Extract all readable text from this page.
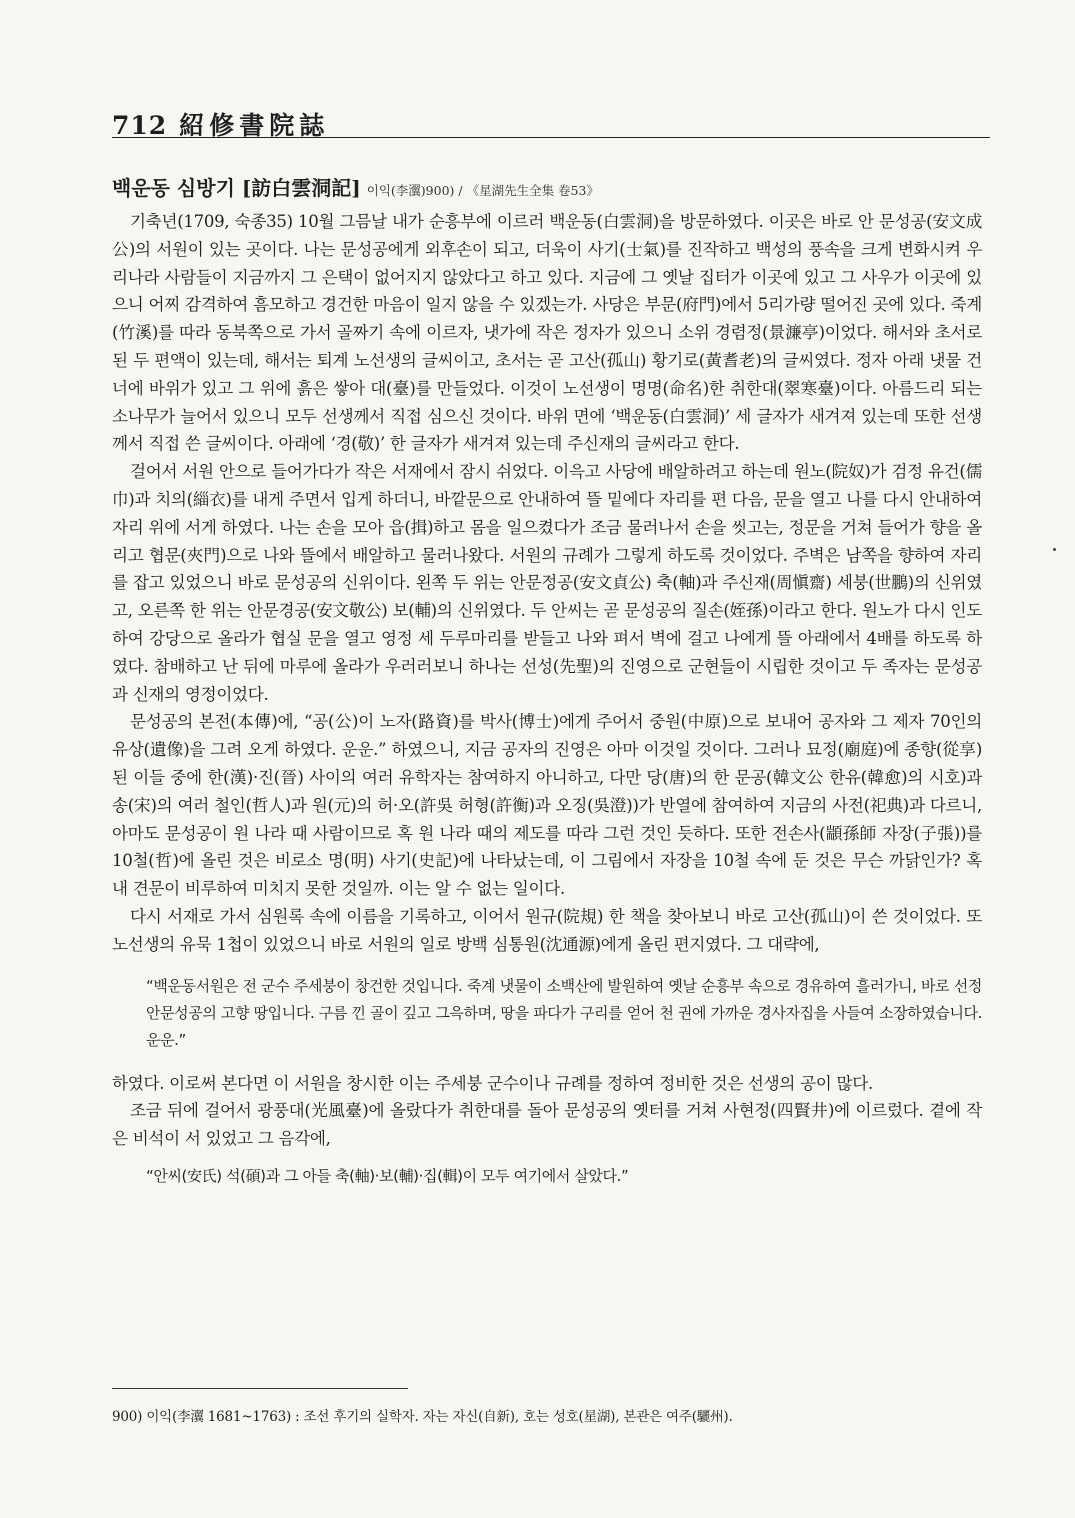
712 紹修書院誌
백운동 심방기 [訪白雲洞記] 이익(李瀷)900) / 《星湖先生全集 卷53》

기축년(1709, 숙종35) 10월 그믐날 내가 순흥부에 이르러 백운동(白雲洞)을 방문하였다. 이곳은 바로 안 문성공(安文成公)의 서원이 있는 곳이다. 나는 문성공에게 외후손이 되고, 더욱이 사기(士氣)를 진작하고 백성의 풍속을 크게 변화시켜 우리나라 사람들이 지금까지 그 은택이 없어지지 않았다고 하고 있다. 지금에 그 옛날 집터가 이곳에 있고 그 사우가 이곳에 있으니 어찌 감격하여 흠모하고 경건한 마음이 일지 않을 수 있겠는가. 사당은 부문(府門)에서 5리가량 떨어진 곳에 있다. 죽계(竹溪)를 따라 동북쪽으로 가서 골짜기 속에 이르자, 냇가에 작은 정자가 있으니 소위 경렴정(景濂亭)이었다. 해서와 초서로 된 두 편액이 있는데, 해서는 퇴계 노선생의 글씨이고, 초서는 곧 고산(孤山) 황기로(黃耆老)의 글씨였다. 정자 아래 냇물 건너에 바위가 있고 그 위에 흙은 쌓아 대(臺)를 만들었다. 이것이 노선생이 명명(命名)한 취한대(翠寒臺)이다. 아름드리 되는 소나무가 늘어서 있으니 모두 선생께서 직접 심으신 것이다. 바위 면에 ‘백운동(白雲洞)’ 세 글자가 새겨져 있는데 또한 선생께서 직접 쓴 글씨이다. 아래에 ‘경(敬)’ 한 글자가 새겨져 있는데 주신재의 글씨라고 한다.

걸어서 서원 안으로 들어가다가 작은 서재에서 잠시 쉬었다. 이윽고 사당에 배알하려고 하는데 원노(院奴)가 검정 유건(儒巾)과 치의(緇衣)를 내게 주면서 입게 하더니, 바깥문으로 안내하여 뜰 밑에다 자리를 편 다음, 문을 열고 나를 다시 안내하여 자리 위에 서게 하였다. 나는 손을 모아 읍(揖)하고 몸을 일으켰다가 조금 물러나서 손을 씻고는, 정문을 거쳐 들어가 향을 올리고 협문(夾門)으로 나와 뜰에서 배알하고 물러나왔다. 서원의 규례가 그렇게 하도록 것이었다. 주벽은 남쪽을 향하여 자리를 잡고 있었으니 바로 문성공의 신위이다. 왼쪽 두 위는 안문정공(安文貞公) 축(軸)과 주신재(周愼齋) 세붕(世鵬)의 신위였고, 오른쪽 한 위는 안문경공(安文敬公) 보(輔)의 신위였다. 두 안씨는 곧 문성공의 질손(姪孫)이라고 한다. 원노가 다시 인도하여 강당으로 올라가 협실 문을 열고 영정 세 두루마리를 받들고 나와 펴서 벽에 걸고 나에게 뜰 아래에서 4배를 하도록 하였다. 참배하고 난 뒤에 마루에 올라가 우러러보니 하나는 선성(先聖)의 진영으로 군현들이 시립한 것이고 두 족자는 문성공과 신재의 영정이었다.

문성공의 본전(本傳)에, “공(公)이 노자(路資)를 박사(博士)에게 주어서 중원(中原)으로 보내어 공자와 그 제자 70인의 유상(遺像)을 그려 오게 하였다. 운운.” 하였으니, 지금 공자의 진영은 아마 이것일 것이다. 그러나 묘정(廟庭)에 종향(從享)된 이들 중에 한(漢)·진(晉) 사이의 여러 유학자는 참여하지 아니하고, 다만 당(唐)의 한 문공(韓文公 한유(韓愈)의 시호)과 송(宋)의 여러 철인(哲人)과 원(元)의 허·오(許吳 허형(許衡)과 오징(吳澄))가 반열에 참여하여 지금의 사전(祀典)과 다르니, 아마도 문성공이 원 나라 때 사람이므로 혹 원 나라 때의 제도를 따라 그런 것인 듯하다. 또한 전손사(顓孫師 자장(子張))를 10철(哲)에 올린 것은 비로소 명(明) 사기(史記)에 나타났는데, 이 그림에서 자장을 10철 속에 둔 것은 무슨 까닭인가? 혹 내 견문이 비루하여 미치지 못한 것일까. 이는 알 수 없는 일이다.

다시 서재로 가서 심원록 속에 이름을 기록하고, 이어서 원규(院規) 한 책을 찾아보니 바로 고산(孤山)이 쓴 것이었다. 또 노선생의 유묵 1첩이 있었으니 바로 서원의 일로 방백 심통원(沈通源)에게 올린 편지였다. 그 대략에,

“백운동서원은 전 군수 주세붕이 창건한 것입니다. 죽계 냇물이 소백산에 발원하여 옛날 순흥부 속으로 경유하여 흘러가니, 바로 선정 안문성공의 고향 땅입니다. 구름 낀 골이 깊고 그윽하며, 땅을 파다가 구리를 얻어 천 권에 가까운 경사자집을 사들여 소장하였습니다. 운운.”

하였다. 이로써 본다면 이 서원을 창시한 이는 주세붕 군수이나 규례를 정하여 정비한 것은 선생의 공이 많다.

조금 뒤에 걸어서 광풍대(光風臺)에 올랐다가 취한대를 돌아 문성공의 옛터를 거쳐 사현정(四賢井)에 이르렀다. 곁에 작은 비석이 서 있었고 그 음각에,

“안씨(安氏) 석(碩)과 그 아들 축(軸)·보(輔)·집(輯)이 모두 여기에서 살았다.”
900) 이익(李瀷 1681~1763) : 조선 후기의 실학자. 자는 자신(自新), 호는 성호(星湖), 본관은 여주(驪州).
